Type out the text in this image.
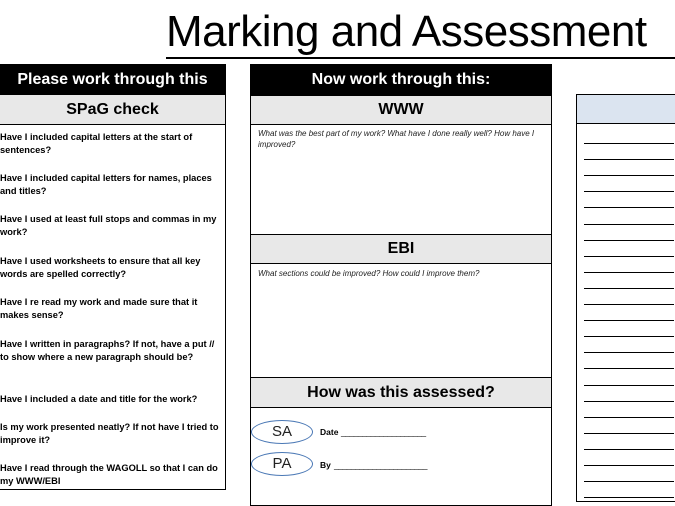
Marking and Assessment
Please work through this
SPaG check
Have I included capital letters at the start of sentences?
Have I included capital letters for names, places and titles?
Have I used at least full stops and commas in my work?
Have I used worksheets to ensure that all key words are spelled correctly?
Have I re read my work and made sure that it makes sense?
Have I written in paragraphs? If not, have a put // to show where a new paragraph should be?
Have I included a date and title for the work?
Is my work presented neatly? If not have I tried to improve it?
Have I read through the WAGOLL so that I can do my WWW/EBI
Now work through this:
WWW
What was the best part of my work? What have I done really well? How have I improved?
EBI
What sections could be improved? How could I improve them?
How was this assessed?
SA	Date ____________________
PA	By ______________________
